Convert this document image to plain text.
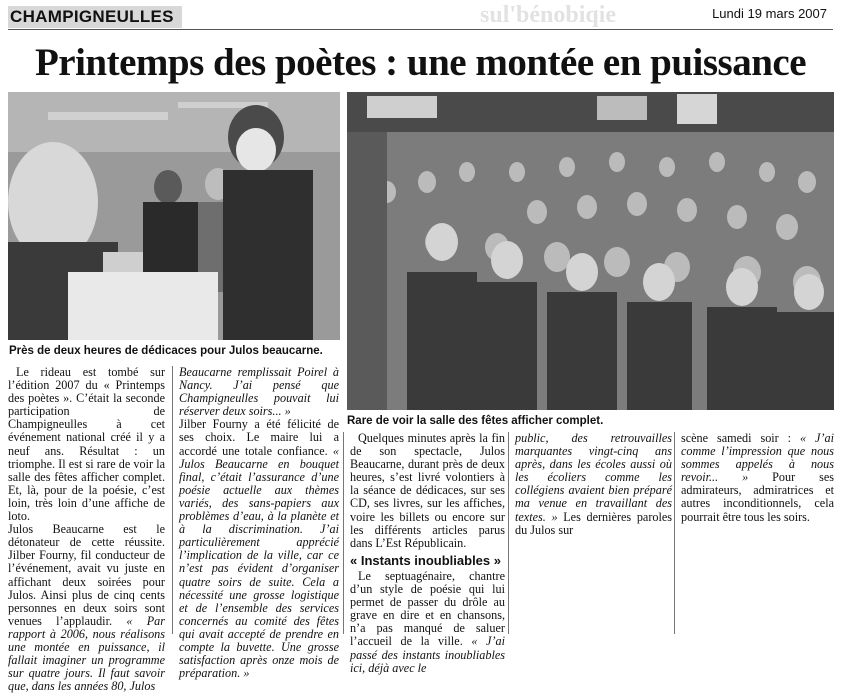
sul'bénobiqie
CHAMPIGNEULLES	Lundi 19 mars 2007
Printemps des poètes : une montée en puissance
Près de deux heures de dédicaces pour Julos beaucarne.
Rare de voir la salle des fêtes afficher complet.

Le rideau est tombé sur l’édition 2007 du « Printemps des poètes ». C’était la seconde participation de Champigneulles à cet événement national créé il y a neuf ans. Résultat : un triomphe. Il est si rare de voir la salle des fêtes afficher complet. Et, là, pour de la poésie, c’est loin, très loin d’une affiche de loto.

Julos Beaucarne est le détonateur de cette réussite. Jilber Fourny, fil conducteur de l’événement, avait vu juste en affichant deux soirées pour Julos. Ainsi plus de cinq cents personnes en deux soirs sont venues l’applaudir. « Par rapport à 2006, nous réalisons une montée en puissance, il fallait imaginer un programme sur quatre jours. Il faut savoir que, dans les années 80, Julos

Beaucarne remplissait Poirel à Nancy. J’ai pensé que Champigneulles pouvait lui réserver deux soirs... »

Jilber Fourny a été félicité de ses choix. Le maire lui a accordé une totale confiance. « Julos Beaucarne en bouquet final, c’était l’assurance d’une poésie actuelle aux thèmes variés, des sans-papiers aux problèmes d’eau, à la planète et à la discrimination. J’ai particulièrement apprécié l’implication de la ville, car ce n’est pas évident d’organiser quatre soirs de suite. Cela a nécessité une grosse logistique et de l’ensemble des services concernés au comité des fêtes qui avait accepté de prendre en compte la buvette. Une grosse satisfaction après onze mois de préparation. »

Quelques minutes après la fin de son spectacle, Julos Beaucarne, durant près de deux heures, s’est livré volontiers à la séance de dédicaces, sur ses CD, ses livres, sur les affiches, voire les billets ou encore sur les différents articles parus dans L’Est Républicain.

« Instants inoubliables »

Le septuagénaire, chantre d’un style de poésie qui lui permet de passer du drôle au grave en dire et en chansons, n’a pas manqué de saluer l’accueil de la ville. « J’ai passé des instants inoubliables ici, déjà avec le

public, des retrouvailles marquantes vingt-cinq ans après, dans les écoles aussi où les écoliers comme les collégiens avaient bien préparé ma venue en travaillant des textes. » Les dernières paroles du Julos sur

scène samedi soir : « J’ai comme l’impression que nous sommes appelés à nous revoir... » Pour ses admirateurs, admiratrices et autres inconditionnels, cela pourrait être tous les soirs.
